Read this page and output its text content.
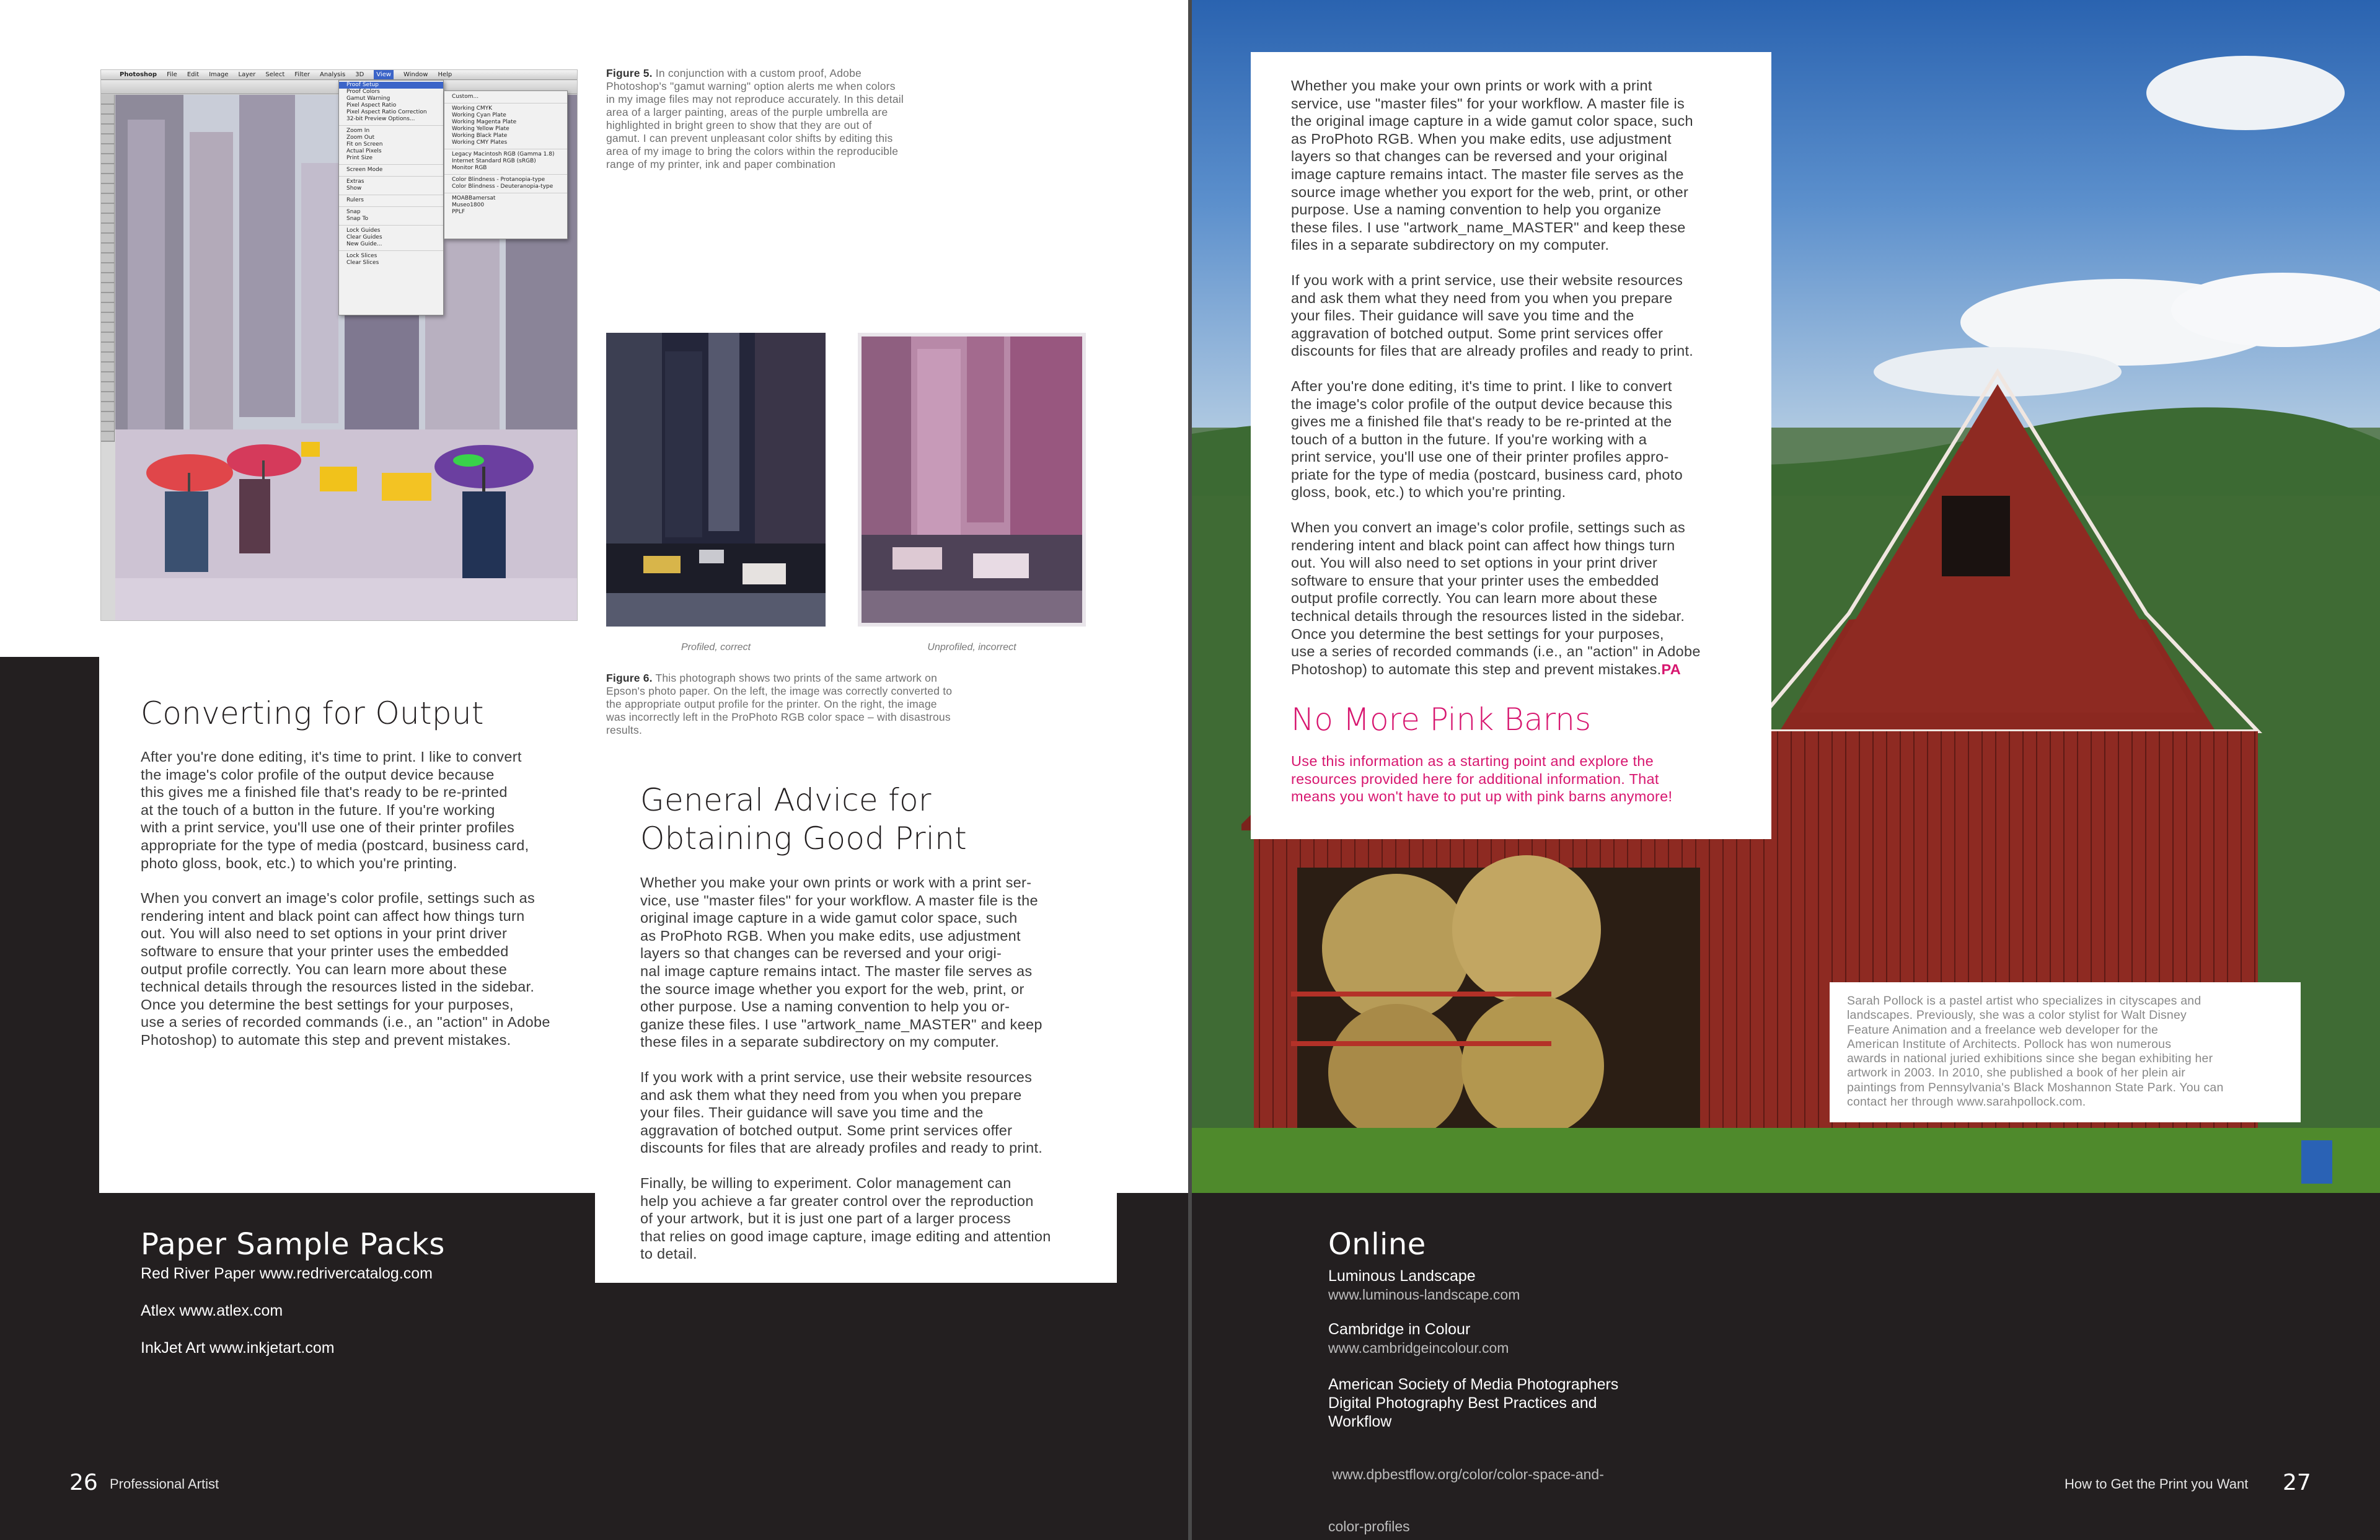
Photoshop File Edit Image Layer Select Filter Analysis 3D	View	Window Help
Proof Setup
Proof Colors
Gamut Warning
Pixel Aspect Ratio
Pixel Aspect Ratio Correction
32-bit Preview Options...
Zoom In
Zoom Out
Fit on Screen
Actual Pixels
Print Size
Screen Mode
Extras
Show
Rulers
Snap
Snap To
Lock Guides
Clear Guides
New Guide...
Lock Slices
Clear Slices
Custom...
Working CMYK
Working Cyan Plate
Working Magenta Plate
Working Yellow Plate
Working Black Plate
Working CMY Plates
Legacy Macintosh RGB (Gamma 1.8)
Internet Standard RGB (sRGB)
Monitor RGB
Color Blindness - Protanopia-type
Color Blindness - Deuteranopia-type
MOABBamersat
Museo1800
PPLF
Figure 5. In conjunction with a custom proof, Adobe
Photoshop's "gamut warning" option alerts me when colors
in my image files may not reproduce accurately. In this detail
area of a larger painting, areas of the purple umbrella are
highlighted in bright green to show that they are out of
gamut. I can prevent unpleasant color shifts by editing this
area of my image to bring the colors within the reproducible
range of my printer, ink and paper combination
Profiled, correct	Unprofiled, incorrect
Figure 6. This photograph shows two prints of the same artwork on
Epson's photo paper. On the left, the image was correctly converted to
the appropriate output profile for the printer. On the right, the image
was incorrectly left in the ProPhoto RGB color space – with disastrous
results.
Converting for Output

After you're done editing, it's time to print. I like to convert
the image's color profile of the output device because
this gives me a finished file that's ready to be re-printed
at the touch of a button in the future. If you're working
with a print service, you'll use one of their printer profiles
appropriate for the type of media (postcard, business card,
photo gloss, book, etc.) to which you're printing.

When you convert an image's color profile, settings such as
rendering intent and black point can affect how things turn
out. You will also need to set options in your print driver
software to ensure that your printer uses the embedded
output profile correctly. You can learn more about these
technical details through the resources listed in the sidebar.
Once you determine the best settings for your purposes,
use a series of recorded commands (i.e., an "action" in Adobe
Photoshop) to automate this step and prevent mistakes.

General Advice for
Obtaining Good Print

Whether you make your own prints or work with a print ser-
vice, use "master files" for your workflow. A master file is the
original image capture in a wide gamut color space, such
as ProPhoto RGB. When you make edits, use adjustment
layers so that changes can be reversed and your origi-
nal image capture remains intact. The master file serves as
the source image whether you export for the web, print, or
other purpose. Use a naming convention to help you or-
ganize these files. I use "artwork_name_MASTER" and keep
these files in a separate subdirectory on my computer.

If you work with a print service, use their website resources
and ask them what they need from you when you prepare
your files. Their guidance will save you time and the
aggravation of botched output. Some print services offer
discounts for files that are already profiles and ready to print.

Finally, be willing to experiment. Color management can
help you achieve a far greater control over the reproduction
of your artwork, but it is just one part of a larger process
that relies on good image capture, image editing and attention
to detail.

Paper Sample Packs
Red River Paper www.redrivercatalog.com
Atlex www.atlex.com
InkJet Art www.inkjetart.com
26 Professional Artist

Whether you make your own prints or work with a print
service, use "master files" for your workflow. A master file is
the original image capture in a wide gamut color space, such
as ProPhoto RGB. When you make edits, use adjustment
layers so that changes can be reversed and your original
image capture remains intact. The master file serves as the
source image whether you export for the web, print, or other
purpose. Use a naming convention to help you organize
these files. I use "artwork_name_MASTER" and keep these
files in a separate subdirectory on my computer.

If you work with a print service, use their website resources
and ask them what they need from you when you prepare
your files. Their guidance will save you time and the
aggravation of botched output. Some print services offer
discounts for files that are already profiles and ready to print.

After you're done editing, it's time to print. I like to convert
the image's color profile of the output device because this
gives me a finished file that's ready to be re-printed at the
touch of a button in the future. If you're working with a
print service, you'll use one of their printer profiles appro-
priate for the type of media (postcard, business card, photo
gloss, book, etc.) to which you're printing.

When you convert an image's color profile, settings such as
rendering intent and black point can affect how things turn
out. You will also need to set options in your print driver
software to ensure that your printer uses the embedded
output profile correctly. You can learn more about these
technical details through the resources listed in the sidebar.
Once you determine the best settings for your purposes,
use a series of recorded commands (i.e., an "action" in Adobe
Photoshop) to automate this step and prevent mistakes.PA

No More Pink Barns
Use this information as a starting point and explore the
resources provided here for additional information. That
means you won't have to put up with pink barns anymore!
Sarah Pollock is a pastel artist who specializes in cityscapes and
landscapes. Previously, she was a color stylist for Walt Disney
Feature Animation and a freelance web developer for the
American Institute of Architects. Pollock has won numerous
awards in national juried exhibitions since she began exhibiting her
artwork in 2003. In 2010, she published a book of her plein air
paintings from Pennsylvania's Black Moshannon State Park. You can
contact her through www.sarahpollock.com.
Online
Luminous Landscape
www.luminous-landscape.com
Cambridge in Colour
www.cambridgeincolour.com
American Society of Media Photographers
Digital Photography Best Practices and
Workflow

www.dpbestflow.org/color/color-space-and-

color-profiles

How to Get the Print you Want 27
